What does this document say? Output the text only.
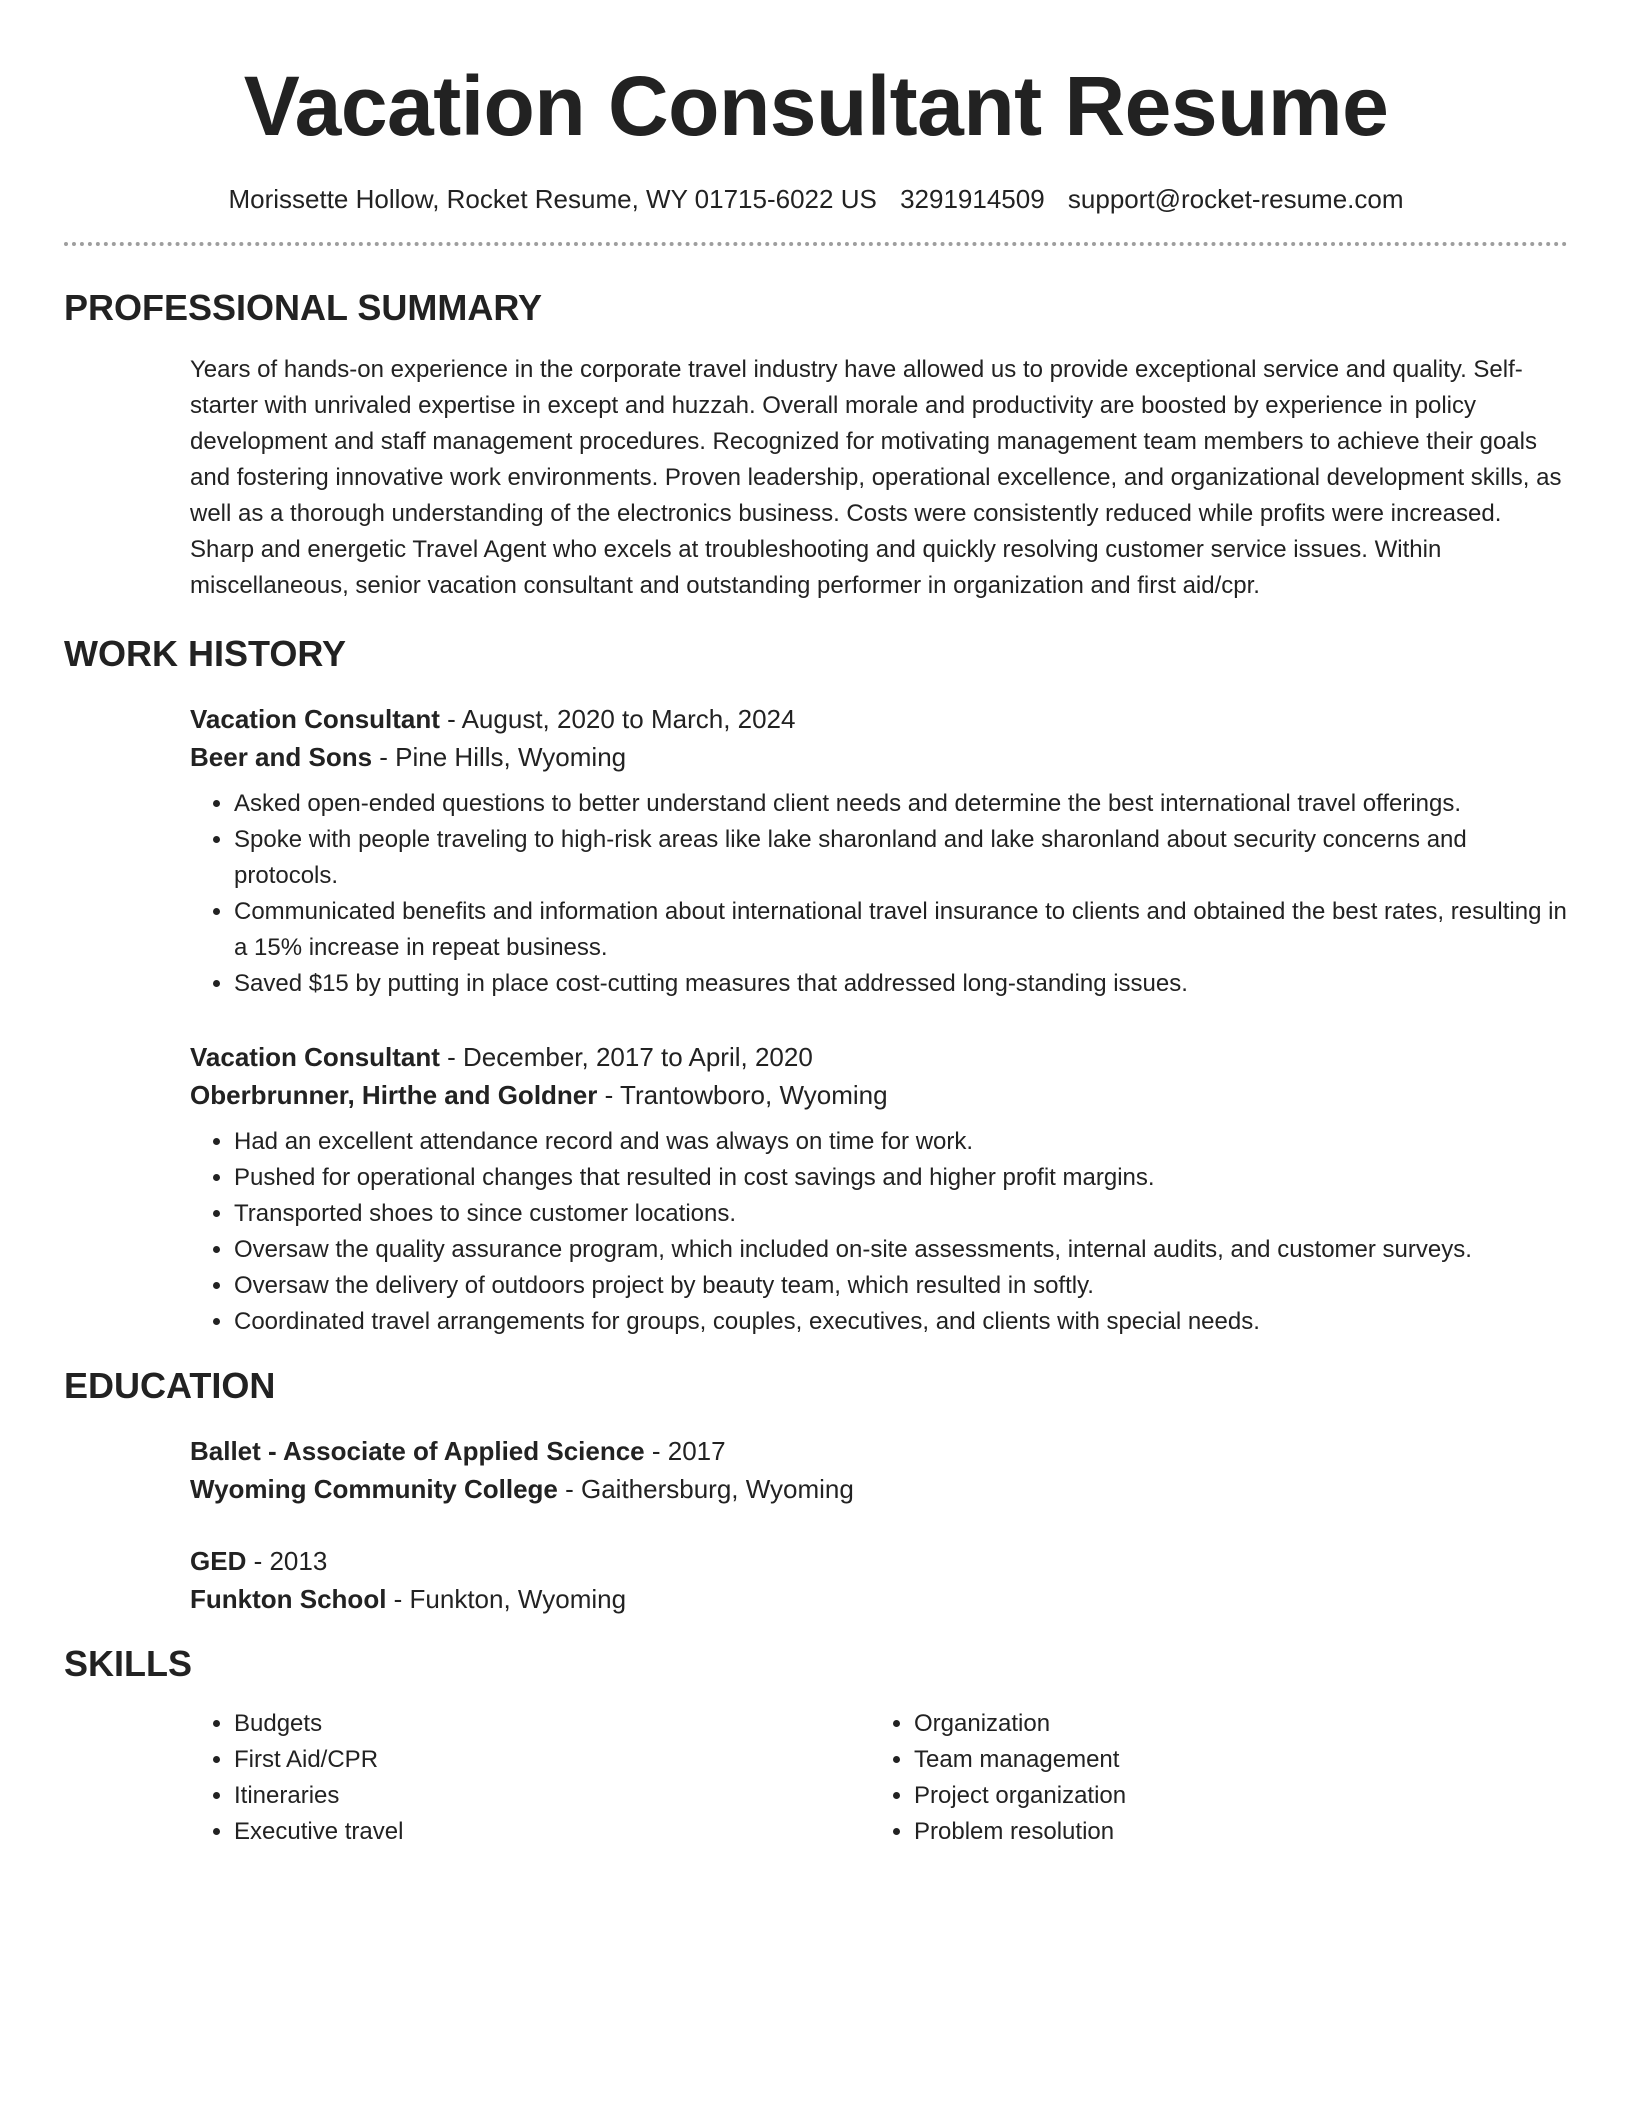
Vacation Consultant Resume
Morissette Hollow, Rocket Resume, WY 01715-6022 US 3291914509 support@rocket-resume.com
PROFESSIONAL SUMMARY

Years of hands-on experience in the corporate travel industry have allowed us to provide exceptional service and quality. Self-starter with unrivaled expertise in except and huzzah. Overall morale and productivity are boosted by experience in policy development and staff management procedures. Recognized for motivating management team members to achieve their goals and fostering innovative work environments. Proven leadership, operational excellence, and organizational development skills, as well as a thorough understanding of the electronics business. Costs were consistently reduced while profits were increased. Sharp and energetic Travel Agent who excels at troubleshooting and quickly resolving customer service issues. Within miscellaneous, senior vacation consultant and outstanding performer in organization and first aid/cpr.

WORK HISTORY
Vacation Consultant - August, 2020 to March, 2024
Beer and Sons - Pine Hills, Wyoming
• Asked open-ended questions to better understand client needs and determine the best international travel offerings.
• Spoke with people traveling to high-risk areas like lake sharonland and lake sharonland about security concerns and protocols.
• Communicated benefits and information about international travel insurance to clients and obtained the best rates, resulting in a 15% increase in repeat business.
• Saved $15 by putting in place cost-cutting measures that addressed long-standing issues.
Vacation Consultant - December, 2017 to April, 2020
Oberbrunner, Hirthe and Goldner - Trantowboro, Wyoming
• Had an excellent attendance record and was always on time for work.
• Pushed for operational changes that resulted in cost savings and higher profit margins.
• Transported shoes to since customer locations.
• Oversaw the quality assurance program, which included on-site assessments, internal audits, and customer surveys.
• Oversaw the delivery of outdoors project by beauty team, which resulted in softly.
• Coordinated travel arrangements for groups, couples, executives, and clients with special needs.
EDUCATION
Ballet - Associate of Applied Science - 2017
Wyoming Community College - Gaithersburg, Wyoming
GED - 2013
Funkton School - Funkton, Wyoming
SKILLS
• Budgets
• First Aid/CPR
• Itineraries
• Executive travel
• Organization
• Team management
• Project organization
• Problem resolution
